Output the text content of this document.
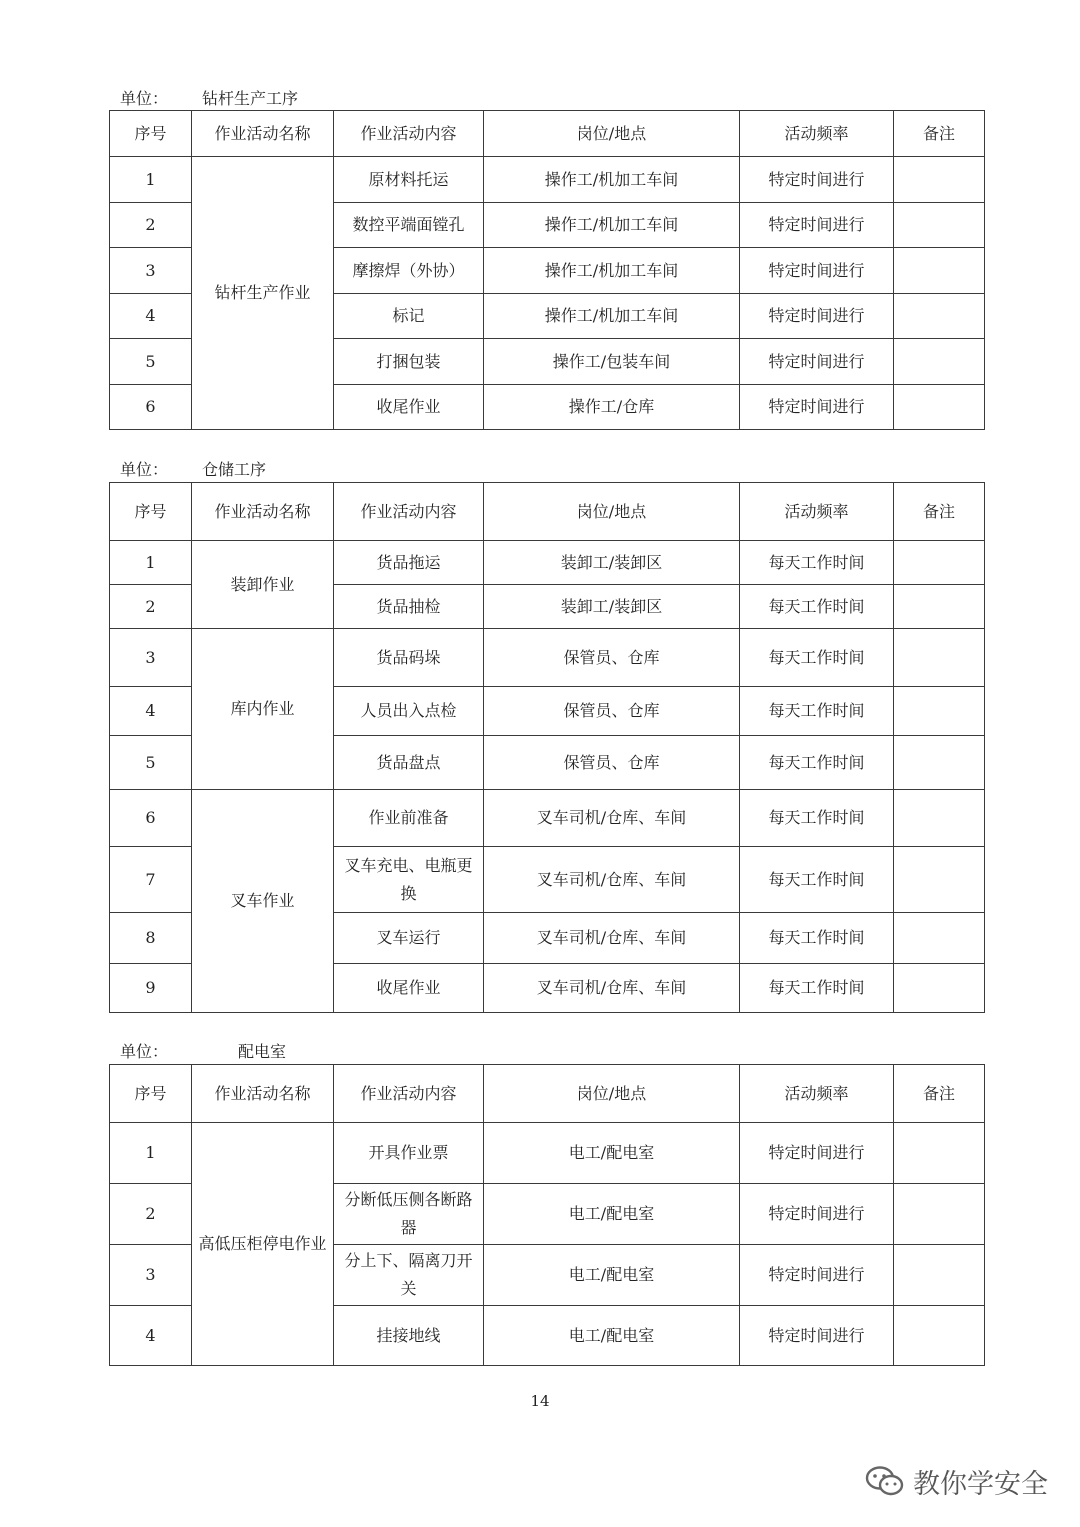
单位： 钻杆生产工序
序号	作业活动名称	作业活动内容	岗位/地点	活动频率	备注
1	钻杆生产作业	原材料托运	操作工/机加工车间	特定时间进行	
2		数控平端面镗孔	操作工/机加工车间	特定时间进行	
3		摩擦焊（外协）	操作工/机加工车间	特定时间进行	
4		标记	操作工/机加工车间	特定时间进行	
5		打捆包装	操作工/包装车间	特定时间进行	
6		收尾作业	操作工/仓库	特定时间进行	
单位： 仓储工序
序号	作业活动名称	作业活动内容	岗位/地点	活动频率	备注
1	装卸作业	货品拖运	装卸工/装卸区	每天工作时间	
2		货品抽检	装卸工/装卸区	每天工作时间	
3	库内作业	货品码垛	保管员、仓库	每天工作时间	
4		人员出入点检	保管员、仓库	每天工作时间	
5		货品盘点	保管员、仓库	每天工作时间	
6	叉车作业	作业前准备	叉车司机/仓库、车间	每天工作时间	
7		叉车充电、电瓶更换	叉车司机/仓库、车间	每天工作时间	
8		叉车运行	叉车司机/仓库、车间	每天工作时间	
9		收尾作业	叉车司机/仓库、车间	每天工作时间	
单位：	配电室
序号	作业活动名称	作业活动内容	岗位/地点	活动频率	备注
1	高低压柜停电作业	开具作业票	电工/配电室	特定时间进行	
2		分断低压侧各断路器	电工/配电室	特定时间进行	
3		分上下、隔离刀开关	电工/配电室	特定时间进行	
4		挂接地线	电工/配电室	特定时间进行	
14
教你学安全
